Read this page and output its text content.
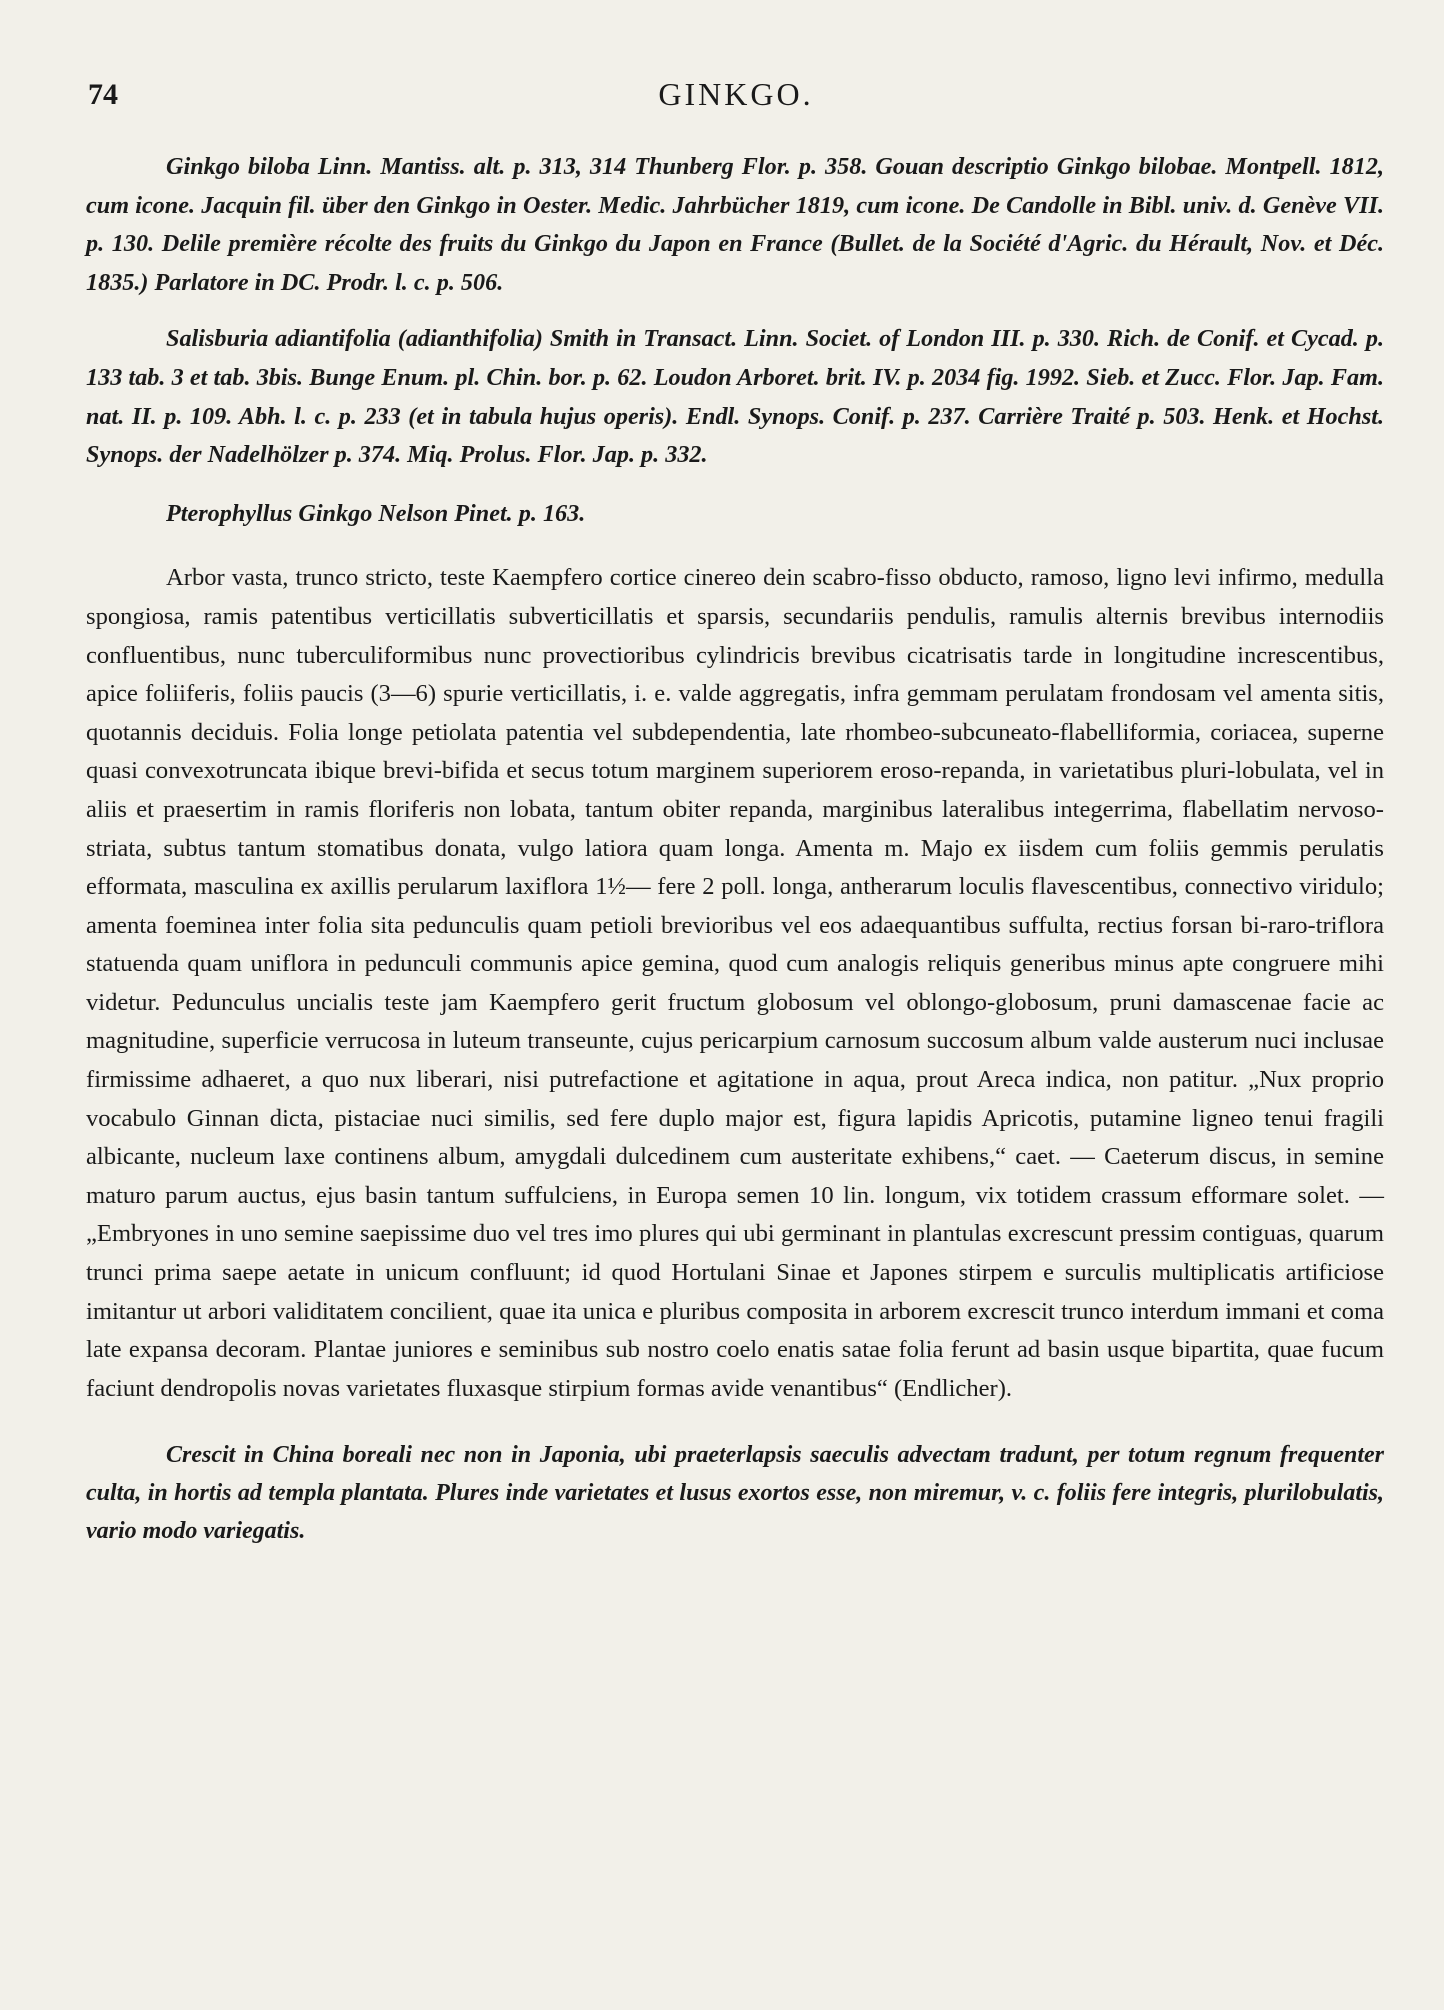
74	GINKGO.

Ginkgo biloba Linn. Mantiss. alt. p. 313, 314 Thunberg Flor. p. 358. Gouan descriptio Ginkgo bilobae. Montpell. 1812, cum icone. Jacquin fil. über den Ginkgo in Oester. Medic. Jahrbücher 1819, cum icone. De Candolle in Bibl. univ. d. Genève VII. p. 130. Delile première récolte des fruits du Ginkgo du Japon en France (Bullet. de la Société d'Agric. du Hérault, Nov. et Déc. 1835.) Parlatore in DC. Prodr. l. c. p. 506.

Salisburia adiantifolia (adianthifolia) Smith in Transact. Linn. Societ. of London III. p. 330. Rich. de Conif. et Cycad. p. 133 tab. 3 et tab. 3bis. Bunge Enum. pl. Chin. bor. p. 62. Loudon Arboret. brit. IV. p. 2034 fig. 1992. Sieb. et Zucc. Flor. Jap. Fam. nat. II. p. 109. Abh. l. c. p. 233 (et in tabula hujus operis). Endl. Synops. Conif. p. 237. Carrière Traité p. 503. Henk. et Hochst. Synops. der Nadelhölzer p. 374. Miq. Prolus. Flor. Jap. p. 332.

Pterophyllus Ginkgo Nelson Pinet. p. 163.

Arbor vasta, trunco stricto, teste Kaempfero cortice cinereo dein scabro-fisso obducto, ramoso, ligno levi infirmo, medulla spongiosa, ramis patentibus verticillatis subverticillatis et sparsis, secundariis pendulis, ramulis alternis brevibus internodiis confluentibus, nunc tuberculiformibus nunc provectioribus cylindricis brevibus cicatrisatis tarde in longitudine increscentibus, apice foliiferis, foliis paucis (3—6) spurie verticillatis, i. e. valde aggregatis, infra gemmam perulatam frondosam vel amenta sitis, quotannis deciduis. Folia longe petiolata patentia vel subdependentia, late rhombeo-subcuneato-flabelliformia, coriacea, superne quasi convexotruncata ibique brevi-bifida et secus totum marginem superiorem eroso-repanda, in varietatibus pluri-lobulata, vel in aliis et praesertim in ramis floriferis non lobata, tantum obiter repanda, marginibus lateralibus integerrima, flabellatim nervoso-striata, subtus tantum stomatibus donata, vulgo latiora quam longa. Amenta m. Majo ex iisdem cum foliis gemmis perulatis efformata, masculina ex axillis perularum laxiflora 1½— fere 2 poll. longa, antherarum loculis flavescentibus, connectivo viridulo; amenta foeminea inter folia sita pedunculis quam petioli brevioribus vel eos adaequantibus suffulta, rectius forsan bi-raro-triflora statuenda quam uniflora in pedunculi communis apice gemina, quod cum analogis reliquis generibus minus apte congruere mihi videtur. Pedunculus uncialis teste jam Kaempfero gerit fructum globosum vel oblongo-globosum, pruni damascenae facie ac magnitudine, superficie verrucosa in luteum transeunte, cujus pericarpium carnosum succosum album valde austerum nuci inclusae firmissime adhaeret, a quo nux liberari, nisi putrefactione et agitatione in aqua, prout Areca indica, non patitur. „Nux proprio vocabulo Ginnan dicta, pistaciae nuci similis, sed fere duplo major est, figura lapidis Apricotis, putamine ligneo tenui fragili albicante, nucleum laxe continens album, amygdali dulcedinem cum austeritate exhibens,“ caet. — Caeterum discus, in semine maturo parum auctus, ejus basin tantum suffulciens, in Europa semen 10 lin. longum, vix totidem crassum efformare solet. — „Embryones in uno semine saepissime duo vel tres imo plures qui ubi germinant in plantulas excrescunt pressim contiguas, quarum trunci prima saepe aetate in unicum confluunt; id quod Hortulani Sinae et Japones stirpem e surculis multiplicatis artificiose imitantur ut arbori validitatem concilient, quae ita unica e pluribus composita in arborem excrescit trunco interdum immani et coma late expansa decoram. Plantae juniores e seminibus sub nostro coelo enatis satae folia ferunt ad basin usque bipartita, quae fucum faciunt dendropolis novas varietates fluxasque stirpium formas avide venantibus“ (Endlicher).

Crescit in China boreali nec non in Japonia, ubi praeterlapsis saeculis advectam tradunt, per totum regnum frequenter culta, in hortis ad templa plantata. Plures inde varietates et lusus exortos esse, non miremur, v. c. foliis fere integris, plurilobulatis, vario modo variegatis.
